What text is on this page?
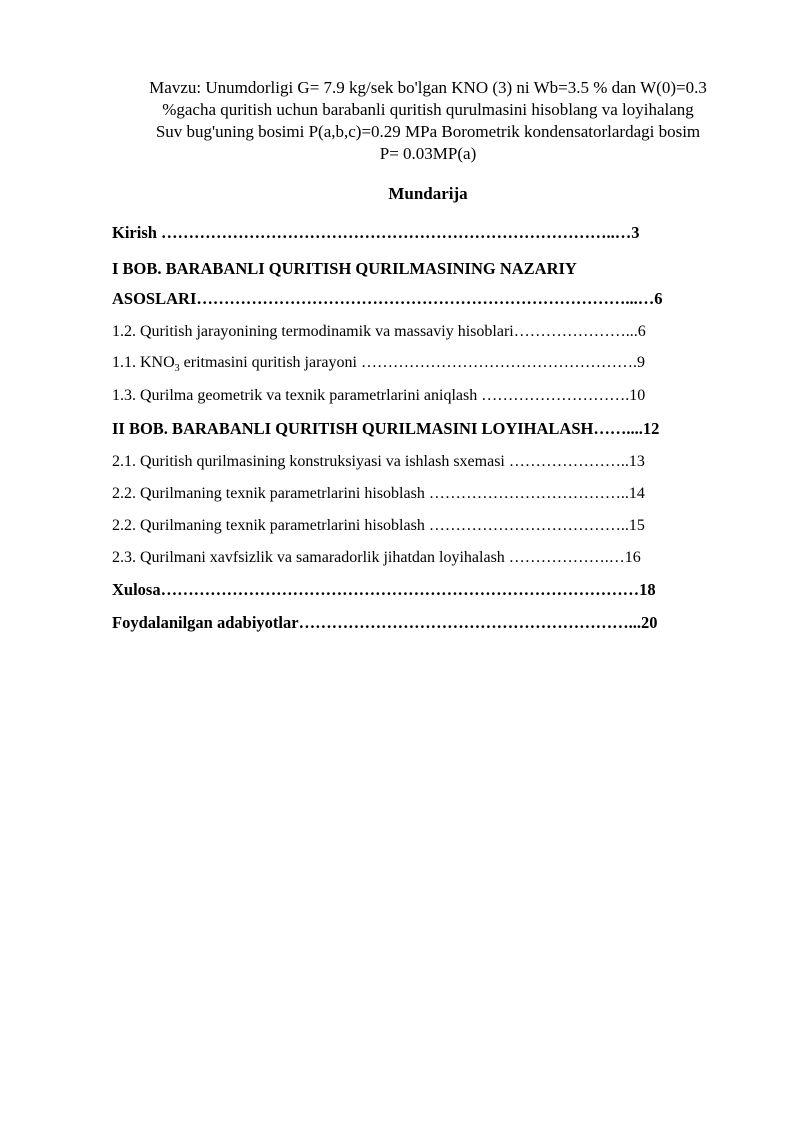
Mavzu: Unumdorligi G= 7.9 kg/sek bo'lgan KNO (3) ni Wb=3.5 % dan W(0)=0.3
%gacha quritish uchun barabanli quritish qurulmasini hisoblang va loyihalang
Suv bug'uning bosimi P(a,b,c)=0.29 MPa Borometrik kondensatorlardagi bosim
P= 0.03MP(a)
Mundarija
Kirish ………………………………………………………………………..…3
I BOB. BARABANLI QURITISH QURILMASINING NAZARIY
ASOSLARI……………………………………………………………………...…6
1.2. Quritish jarayonining termodinamik va massaviy hisoblari…………………...6
1.1. $KNO_3$ eritmasini quritish jarayoni …………………………………………….9
1.3. Qurilma geometrik va texnik parametrlarini aniqlash ……………………….10
II BOB. BARABANLI QURITISH QURILMASINI LOYIHALASH……....12
2.1. Quritish qurilmasining konstruksiyasi va ishlash sxemasi …………………..13
2.2. Qurilmaning texnik parametrlarini hisoblash ………………………………..14
2.2. Qurilmaning texnik parametrlarini hisoblash ………………………………..15
2.3. Qurilmani xavfsizlik va samaradorlik jihatdan loyihalash ……………….…16
Xulosa……………………………………………………………………………18
Foydalanilgan adabiyotlar……………………………………………………...20
